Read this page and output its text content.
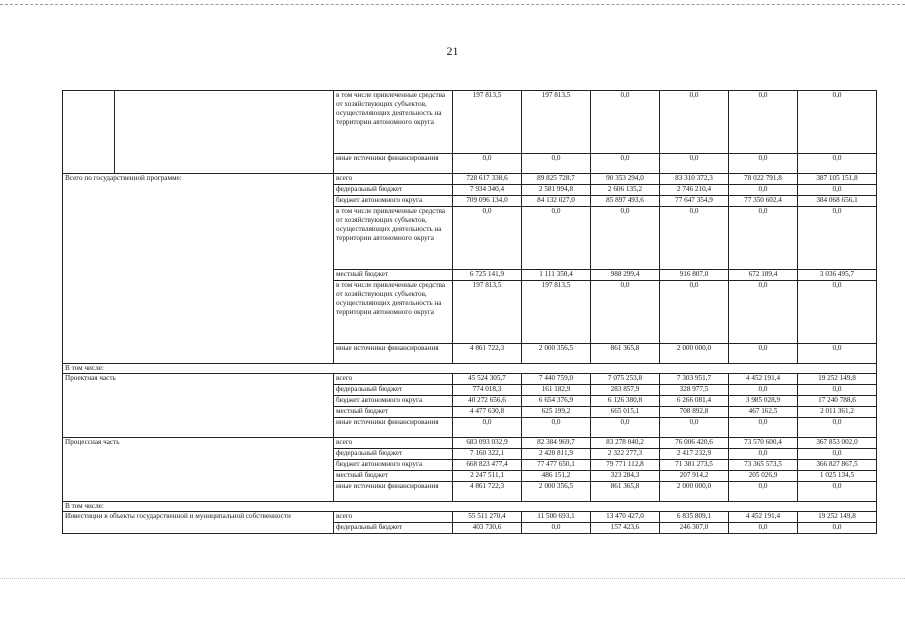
21
		в том числе привлеченные средства от хозяйствующих субъектов, осуществляющих деятельность на территории автономного округа	197 813,5	197 813,5	0,0	0,0	0,0	0,0
		иные источники финансирования	0,0	0,0	0,0	0,0	0,0	0,0
Всего по государственной программе:		всего	728 617 338,6	89 825 728,7	90 353 294,0	83 310 372,3	78 022 791,8	387 105 151,8
		федеральный бюджет	7 934 340,4	2 581 994,8	2 606 135,2	2 746 210,4	0,0	0,0
		бюджет автономного округа	709 096 134,0	84 132 027,0	85 897 493,6	77 647 354,9	77 350 602,4	384 068 656,1
		в том числе привлеченные средства от хозяйствующих субъектов, осуществляющих деятельность на территории автономного округа	0,0	0,0	0,0	0,0	0,0	0,0
		местный бюджет	6 725 141,9	1 111 350,4	988 299,4	916 807,0	672 189,4	3 036 495,7
		в том числе привлеченные средства от хозяйствующих субъектов, осуществляющих деятельность на территории автономного округа	197 813,5	197 813,5	0,0	0,0	0,0	0,0
		иные источники финансирования	4 861 722,3	2 000 356,5	861 365,8	2 000 000,0	0,0	0,0
В том числе:								
Проектная часть		всего	45 524 305,7	7 440 759,0	7 075 253,8	7 303 951,7	4 452 191,4	19 252 149,8
		федеральный бюджет	774 018,3	161 182,9	283 857,9	328 977,5	0,0	0,0
		бюджет автономного округа	40 272 656,6	6 654 376,9	6 126 380,8	6 266 081,4	3 985 028,9	17 240 788,6
		местный бюджет	4 477 630,8	625 199,2	665 015,1	708 892,8	467 162,5	2 011 361,2
		иные источники финансирования	0,0	0,0	0,0	0,0	0,0	0,0
Процессная часть		всего	683 093 032,9	82 384 969,7	83 278 040,2	76 006 420,6	73 570 600,4	367 853 002,0
		федеральный бюджет	7 160 322,1	2 420 811,9	2 322 277,3	2 417 232,9	0,0	0,0
		бюджет автономного округа	668 823 477,4	77 477 650,1	79 771 112,8	71 381 273,5	73 365 573,5	366 827 867,5
		местный бюджет	2 247 511,1	486 151,2	323 284,3	207 914,2	205 026,9	1 025 134,5
		иные источники финансирования	4 861 722,3	2 000 356,5	861 365,8	2 000 000,0	0,0	0,0
В том числе:								
Инвестиции в объекты государственной и муниципальной собственности		всего	55 511 270,4	11 500 693,1	13 470 427,0	6 835 809,1	4 452 191,4	19 252 149,8
		федеральный бюджет	403 730,6	0,0	157 423,6	246 307,0	0,0	0,0
